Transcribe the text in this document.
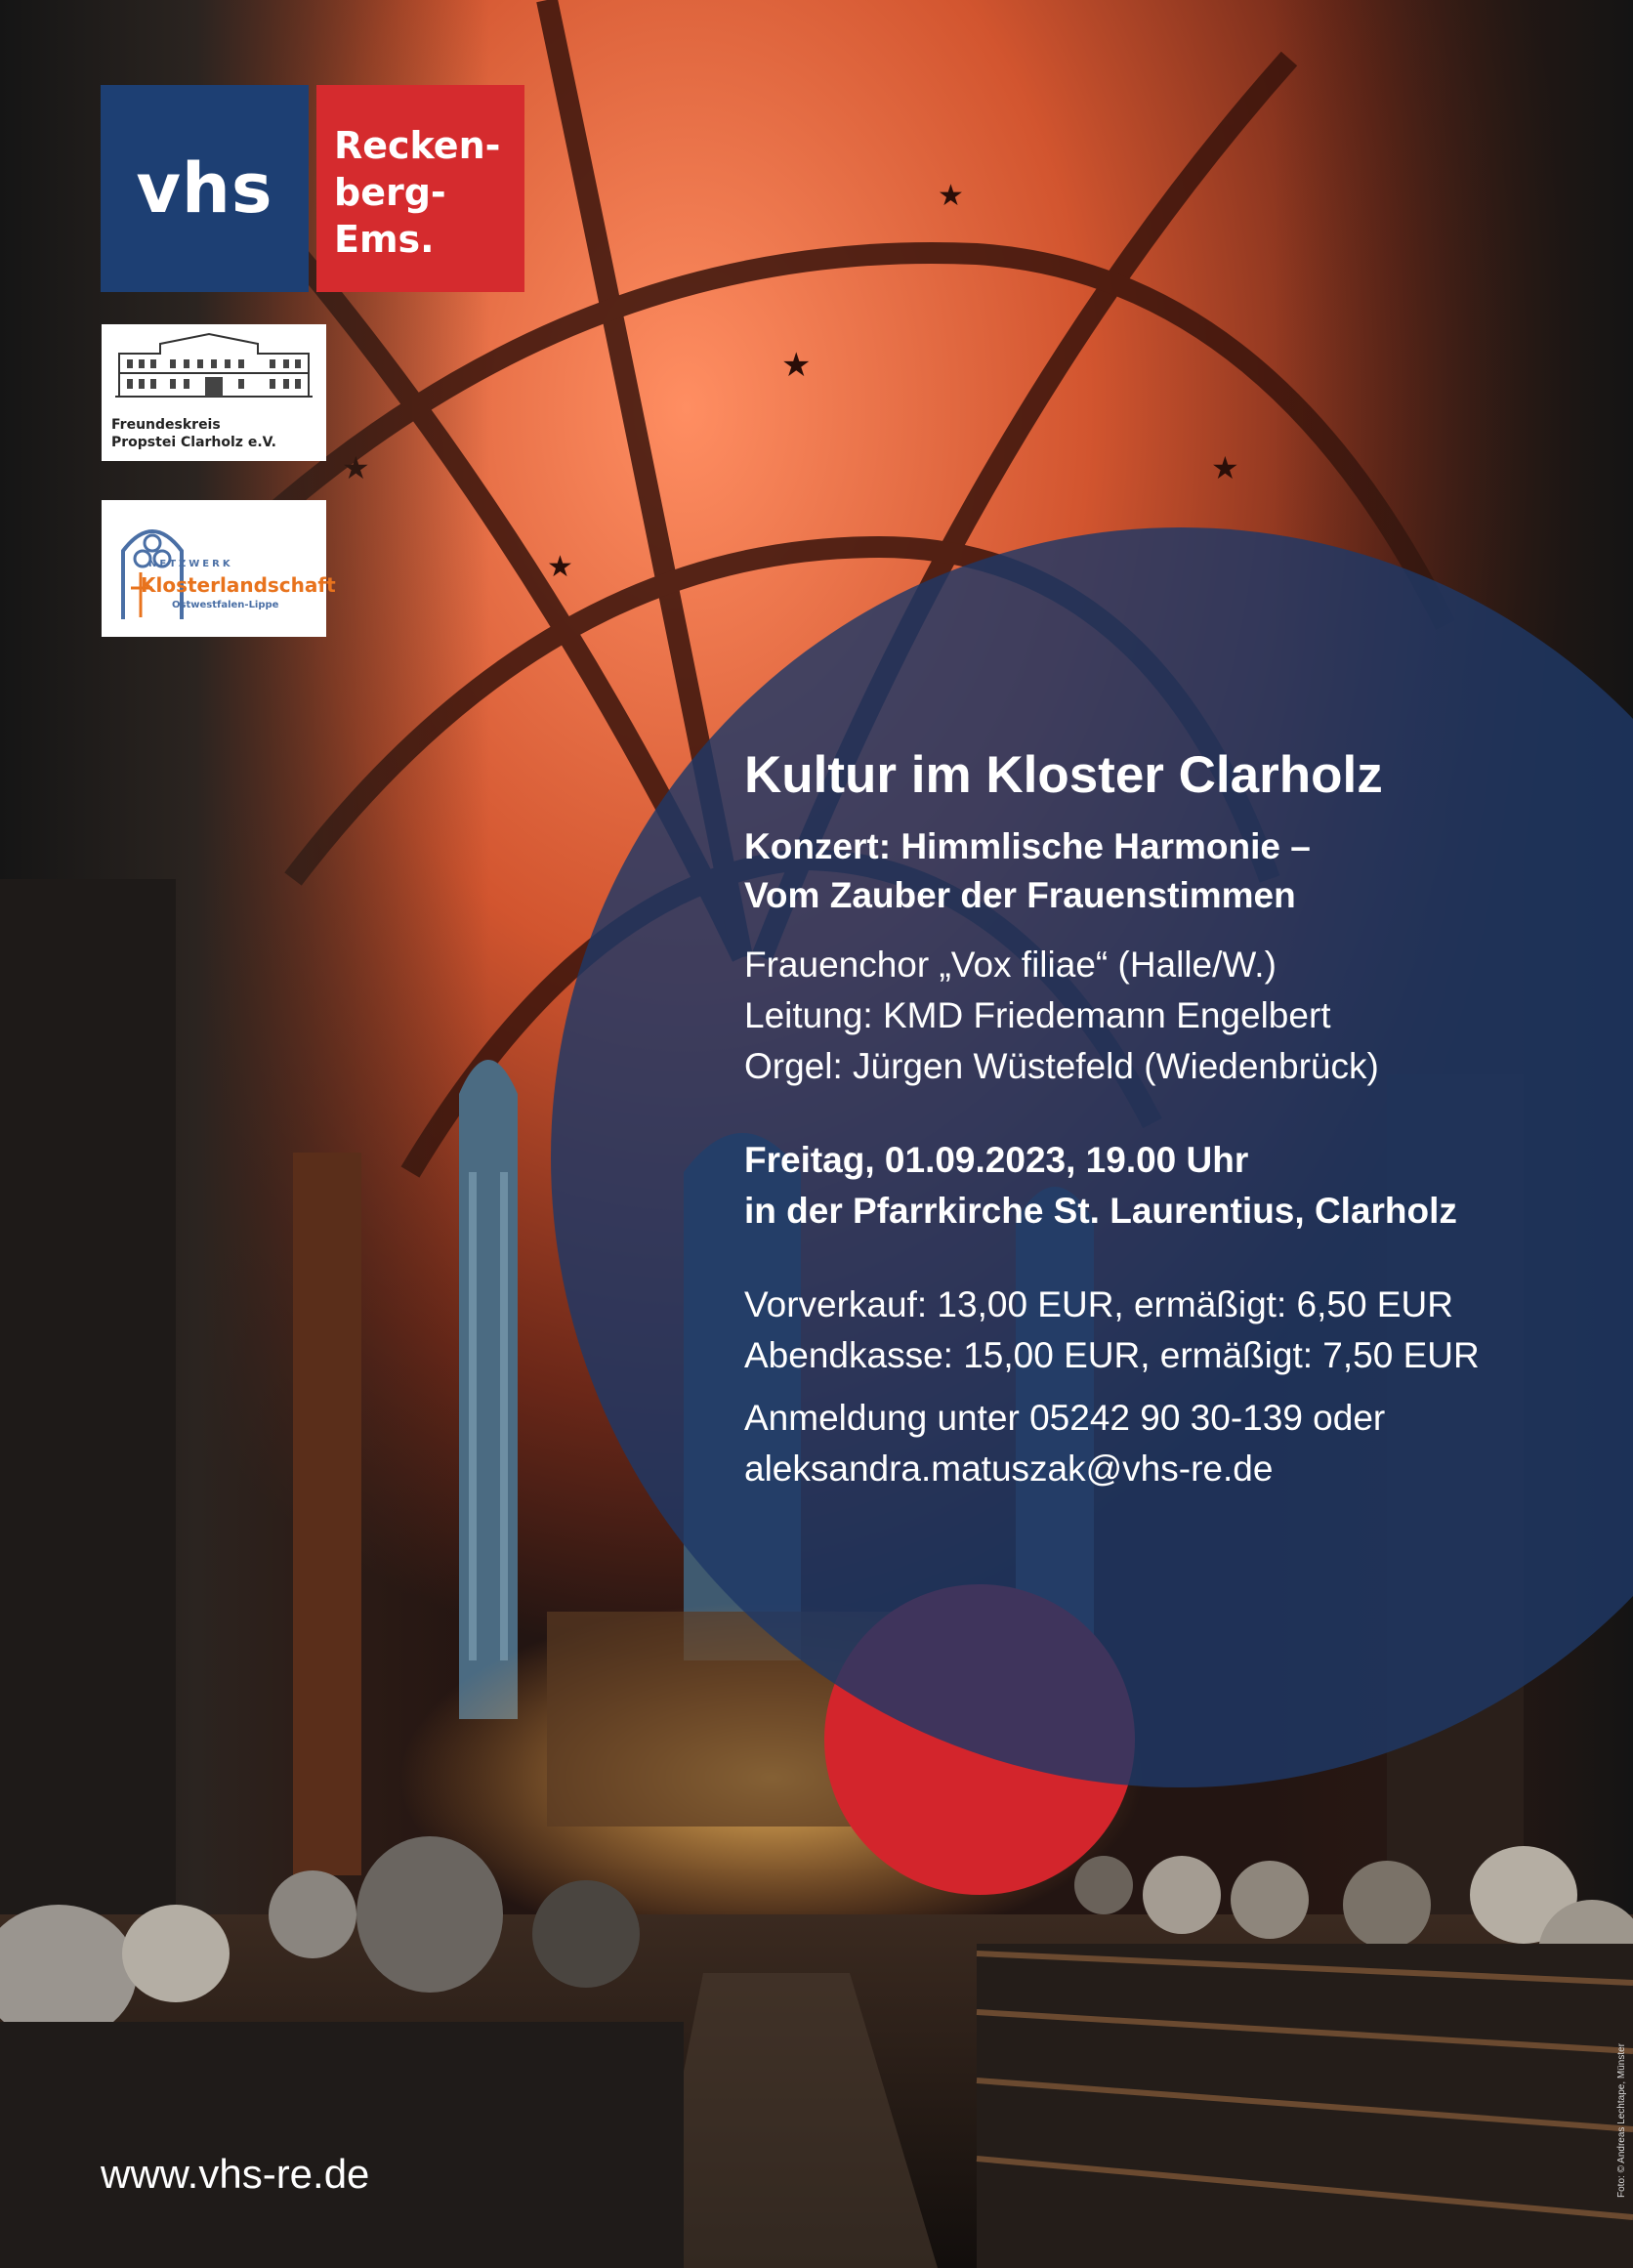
vhs
Recken-
berg-
Ems.
Freundeskreis
Propstei Clarholz e.V.
NETZWERK
Klosterlandschaft
Ostwestfalen-Lippe
Kultur im Kloster Clarholz
Konzert: Himmlische Harmonie –
Vom Zauber der Frauenstimmen
Frauenchor „Vox filiae“ (Halle/W.)
Leitung: KMD Friedemann Engelbert
Orgel: Jürgen Wüstefeld (Wiedenbrück)
Freitag, 01.09.2023, 19.00 Uhr
in der Pfarrkirche St. Laurentius, Clarholz
Vorverkauf: 13,00 EUR, ermäßigt: 6,50 EUR
Abendkasse: 15,00 EUR, ermäßigt: 7,50 EUR
Anmeldung unter 05242 90 30-139 oder
aleksandra.matuszak@vhs-re.de
www.vhs-re.de	Foto: © Andreas Lechtape, Münster
